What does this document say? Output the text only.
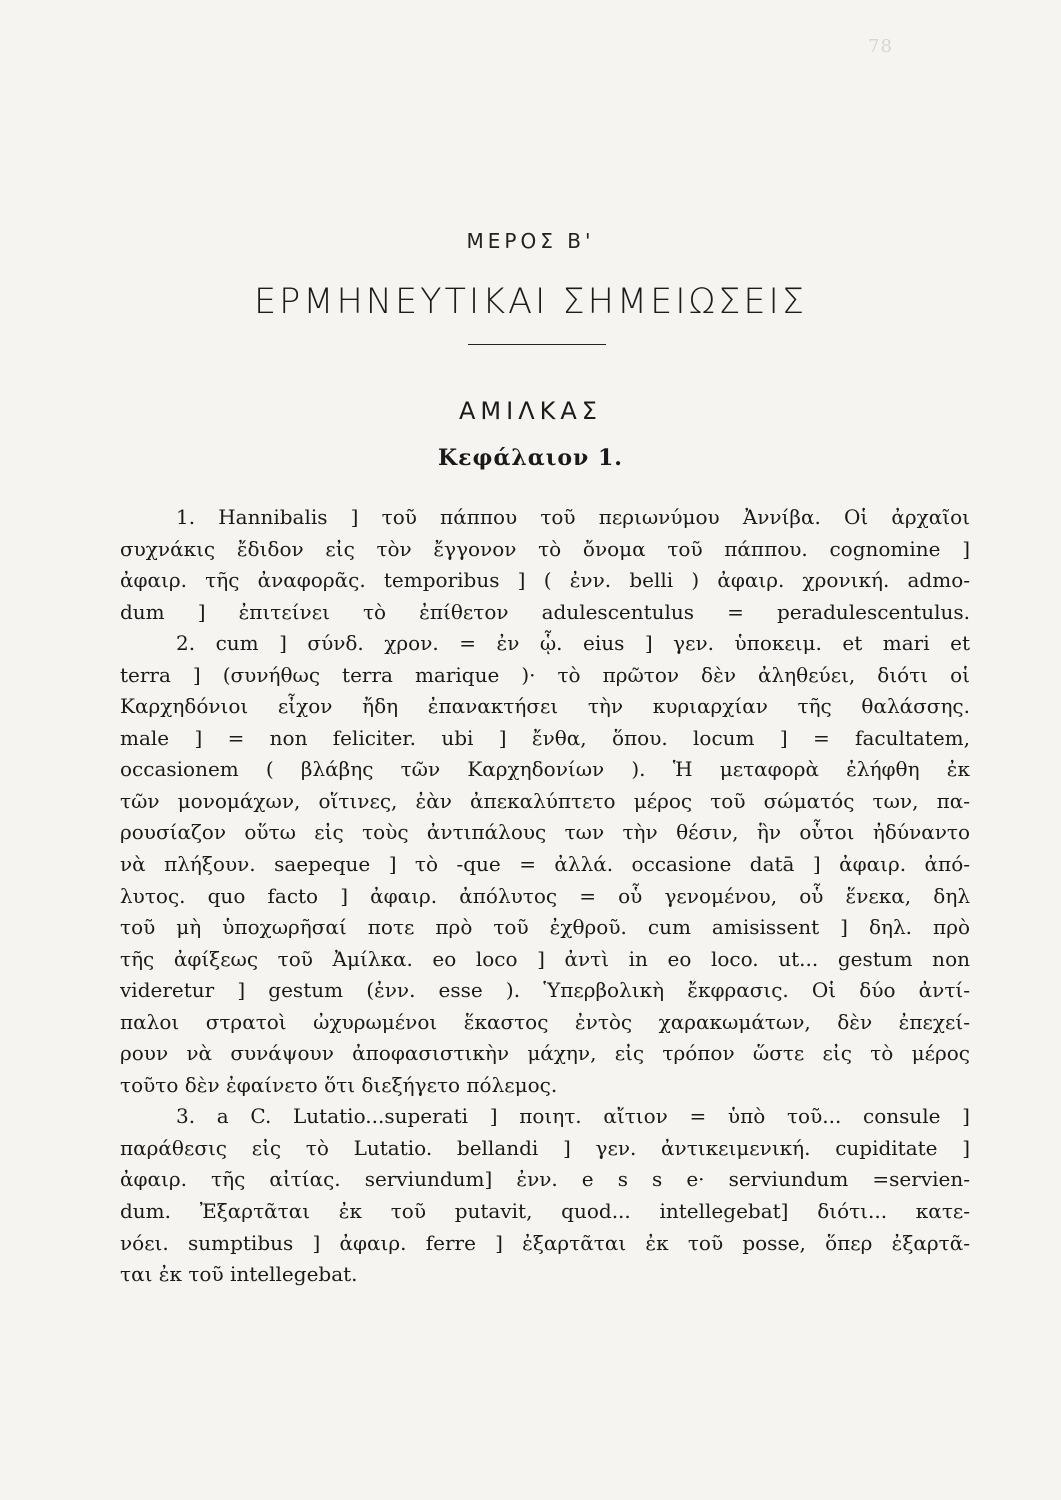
78
ΜΕΡΟΣ Β'
ΕΡΜΗΝΕΥΤΙΚΑΙ ΣΗΜΕΙΩΣΕΙΣ
ΑΜΙΛΚΑΣ
Κεφάλαιον 1.
1. Hannibalis ] τοῦ πάππου τοῦ περιωνύμου Ἀννίβα. Οἱ ἀρχαῖοι
συχνάκις ἔδιδον εἰς τὸν ἔγγονον τὸ ὄνομα τοῦ πάππου. cognomine ]
ἀφαιρ. τῆς ἀναφορᾶς. temporibus ] ( ἐνν. belli ) ἀφαιρ. χρονική. admo-
dum ] ἐπιτείνει τὸ ἐπίθετον adulescentulus = peradulescentulus.
2. cum ] σύνδ. χρον. = ἐν ᾧ. eius ] γεν. ὑποκειμ. et mari et
terra ] (συνήθως terra marique )· τὸ πρῶτον δὲν ἀληθεύει, διότι οἱ
Καρχηδόνιοι εἶχον ἤδη ἐπανακτήσει τὴν κυριαρχίαν τῆς θαλάσσης.
male ] = non feliciter. ubi ] ἔνθα, ὅπου. locum ] = facultatem,
occasionem ( βλάβης τῶν Καρχηδονίων ). Ἡ μεταφορὰ ἐλήφθη ἐκ
τῶν μονομάχων, οἵτινες, ἐὰν ἀπεκαλύπτετο μέρος τοῦ σώματός των, πα-
ρουσίαζον οὕτω εἰς τοὺς ἀντιπάλους των τὴν θέσιν, ἣν οὗτοι ἠδύναντο
νὰ πλήξουν. saepeque ] τὸ -que = ἀλλά. occasione datā ] ἀφαιρ. ἀπό-
λυτος. quo facto ] ἀφαιρ. ἀπόλυτος = οὗ γενομένου, οὗ ἕνεκα, δηλ
τοῦ μὴ ὑποχωρῆσαί ποτε πρὸ τοῦ ἐχθροῦ. cum amisissent ] δηλ. πρὸ
τῆς ἀφίξεως τοῦ Ἀμίλκα. eo loco ] ἀντὶ in eo loco. ut... gestum non
videretur ] gestum (ἐνν. esse ). Ὑπερβολικὴ ἔκφρασις. Οἱ δύο ἀντί-
παλοι στρατοὶ ὠχυρωμένοι ἕκαστος ἐντὸς χαρακωμάτων, δὲν ἐπεχεί-
ρουν νὰ συνάψουν ἀποφασιστικὴν μάχην, εἰς τρόπον ὥστε εἰς τὸ μέρος
τοῦτο δὲν ἐφαίνετο ὅτι διεξήγετο πόλεμος.
3. a C. Lutatio...superati ] ποιητ. αἴτιον = ὑπὸ τοῦ... consule ]
παράθεσις εἰς τὸ Lutatio. bellandi ] γεν. ἀντικειμενική. cupiditate ]
ἀφαιρ. τῆς αἰτίας. serviundum] ἐνν. e s s e· serviundum =servien-
dum. Ἐξαρτᾶται ἐκ τοῦ putavit, quod... intellegebat] διότι... κατε-
νόει. sumptibus ] ἀφαιρ. ferre ] ἐξαρτᾶται ἐκ τοῦ posse, ὅπερ ἐξαρτᾶ-
ται ἐκ τοῦ intellegebat.
